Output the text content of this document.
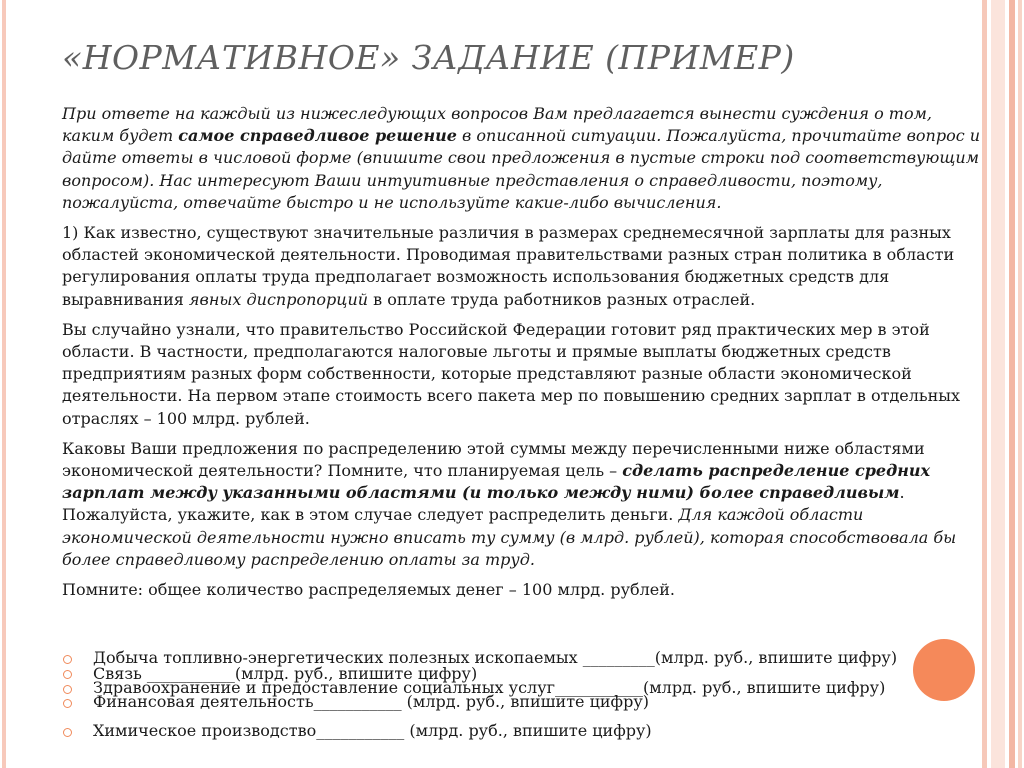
«НОРМАТИВНОЕ» ЗАДАНИЕ (ПРИМЕР)

При ответе на каждый из нижеследующих вопросов Вам предлагается вынести суждения о том, каким будет самое справедливое решение в описанной ситуации. Пожалуйста, прочитайте вопрос и дайте ответы в числовой форме (впишите свои предложения в пустые строки под соответствующим вопросом). Нас интересуют Ваши интуитивные представления о справедливости, поэтому, пожалуйста, отвечайте быстро и не используйте какие-либо вычисления.

1) Как известно, существуют значительные различия в размерах среднемесячной зарплаты для разных областей экономической деятельности. Проводимая правительствами разных стран политика в области регулирования оплаты труда предполагает возможность использования бюджетных средств для выравнивания явных диспропорций в оплате труда работников разных отраслей.

Вы случайно узнали, что правительство Российской Федерации готовит ряд практических мер в этой области. В частности, предполагаются налоговые льготы и прямые выплаты бюджетных средств предприятиям разных форм собственности, которые представляют разные области экономической деятельности. На первом этапе стоимость всего пакета мер по повышению средних зарплат в отдельных отраслях – 100 млрд. рублей.

Каковы Ваши предложения по распределению этой суммы между перечисленными ниже областями экономической деятельности? Помните, что планируемая цель – сделать распределение средних зарплат между указанными областями (и только между ними) более справедливым. Пожалуйста, укажите, как в этом случае следует распределить деньги. Для каждой области экономической деятельности нужно вписать ту сумму (в млрд. рублей), которая способствовала бы более справедливому распределению оплаты за труд.

Помните: общее количество распределяемых денег – 100 млрд. рублей.

Добыча топливно-энергетических полезных ископаемых _________(млрд. руб., впишите цифру)
Связь ___________(млрд. руб., впишите цифру)
Здравоохранение и предоставление социальных услуг___________(млрд. руб., впишите цифру)
Финансовая деятельность___________ (млрд. руб., впишите цифру)
Химическое производство___________ (млрд. руб., впишите цифру)
